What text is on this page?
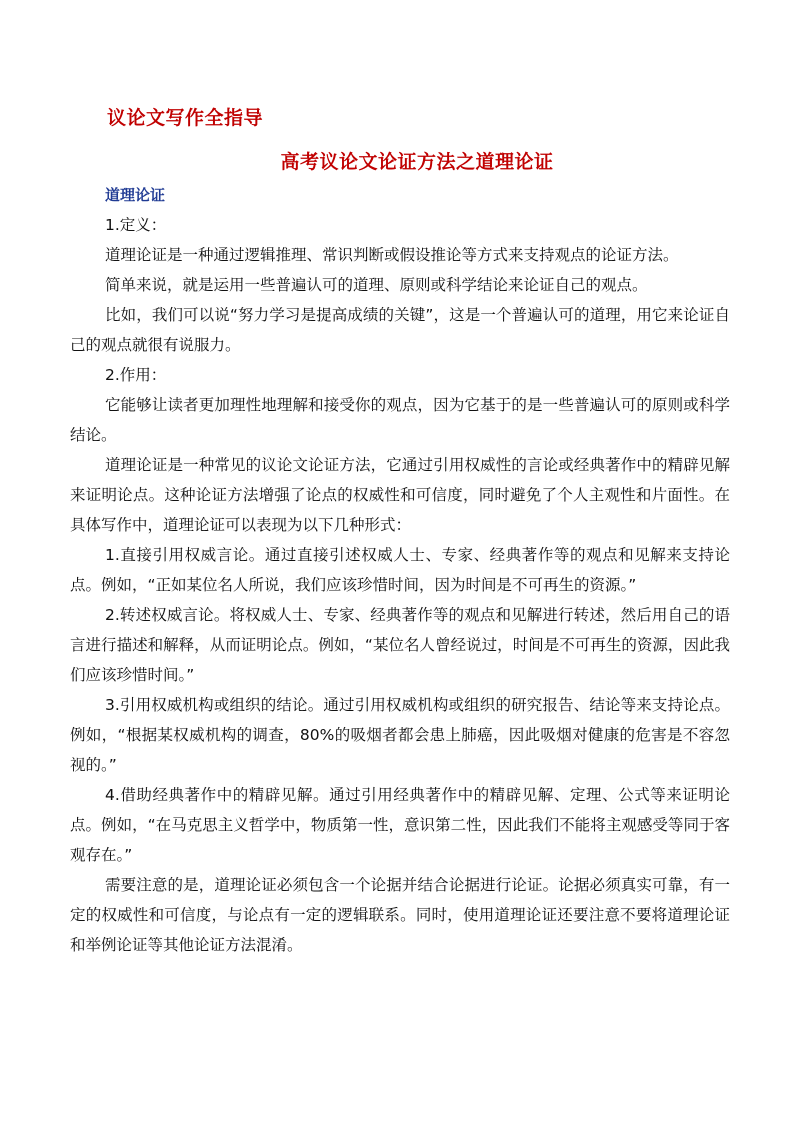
议论文写作全指导
高考议论文论证方法之道理论证
道理论证

1.定义：

道理论证是一种通过逻辑推理、常识判断或假设推论等方式来支持观点的论证方法。

简单来说，就是运用一些普遍认可的道理、原则或科学结论来论证自己的观点。

比如，我们可以说“努力学习是提高成绩的关键”，这是一个普遍认可的道理，用它来论证自己的观点就很有说服力。

2.作用：

它能够让读者更加理性地理解和接受你的观点，因为它基于的是一些普遍认可的原则或科学结论。

道理论证是一种常见的议论文论证方法，它通过引用权威性的言论或经典著作中的精辟见解来证明论点。这种论证方法增强了论点的权威性和可信度，同时避免了个人主观性和片面性。在具体写作中，道理论证可以表现为以下几种形式：

1.直接引用权威言论。通过直接引述权威人士、专家、经典著作等的观点和见解来支持论点。例如，“正如某位名人所说，我们应该珍惜时间，因为时间是不可再生的资源。”

2.转述权威言论。将权威人士、专家、经典著作等的观点和见解进行转述，然后用自己的语言进行描述和解释，从而证明论点。例如，“某位名人曾经说过，时间是不可再生的资源，因此我们应该珍惜时间。”

3.引用权威机构或组织的结论。通过引用权威机构或组织的研究报告、结论等来支持论点。例如，“根据某权威机构的调查，80%的吸烟者都会患上肺癌，因此吸烟对健康的危害是不容忽视的。”

4.借助经典著作中的精辟见解。通过引用经典著作中的精辟见解、定理、公式等来证明论点。例如，“在马克思主义哲学中，物质第一性，意识第二性，因此我们不能将主观感受等同于客观存在。”

需要注意的是，道理论证必须包含一个论据并结合论据进行论证。论据必须真实可靠，有一定的权威性和可信度，与论点有一定的逻辑联系。同时，使用道理论证还要注意不要将道理论证和举例论证等其他论证方法混淆。
